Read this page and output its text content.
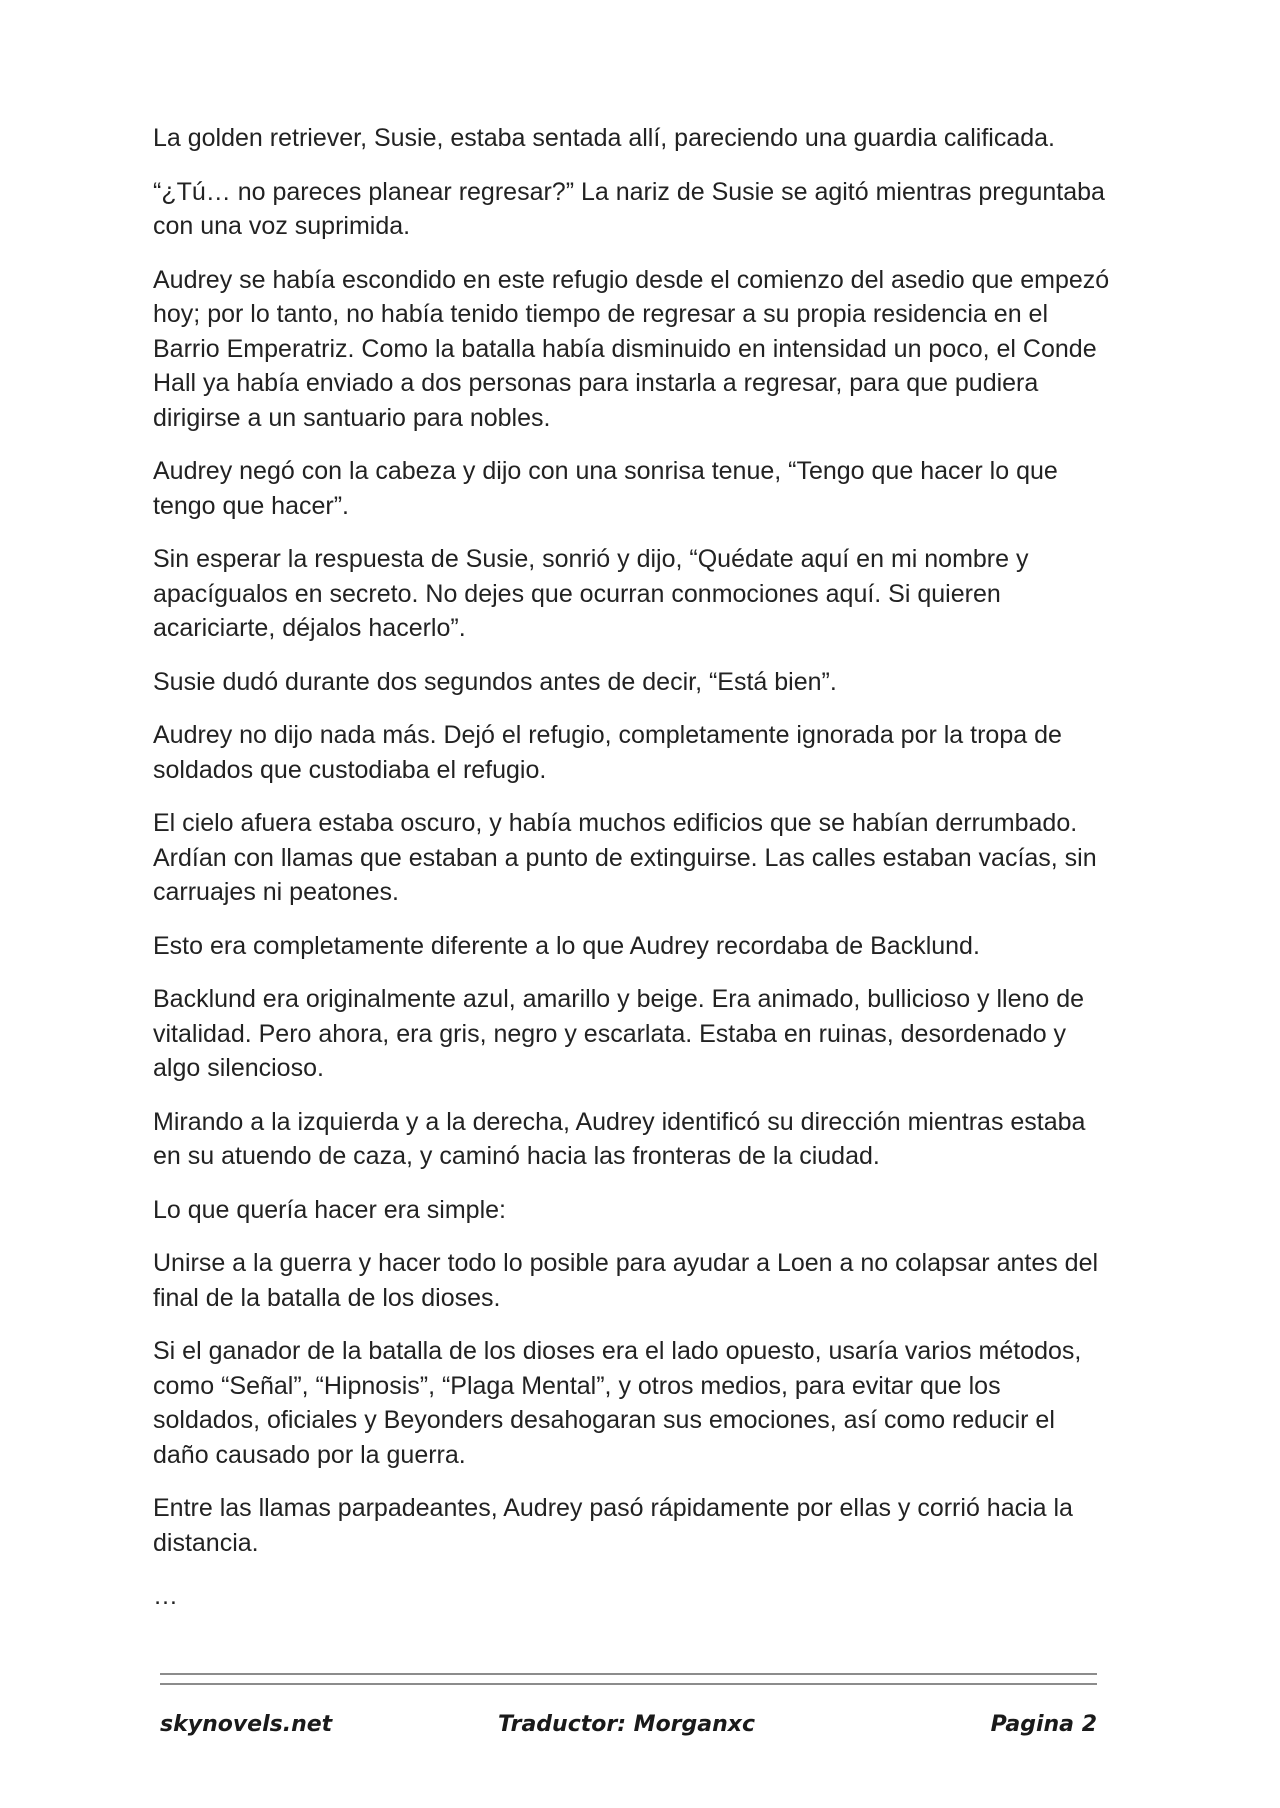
La golden retriever, Susie, estaba sentada allí, pareciendo una guardia calificada.

“¿Tú… no pareces planear regresar?” La nariz de Susie se agitó mientras preguntaba con una voz suprimida.

Audrey se había escondido en este refugio desde el comienzo del asedio que empezó hoy; por lo tanto, no había tenido tiempo de regresar a su propia residencia en el Barrio Emperatriz. Como la batalla había disminuido en intensidad un poco, el Conde Hall ya había enviado a dos personas para instarla a regresar, para que pudiera dirigirse a un santuario para nobles.

Audrey negó con la cabeza y dijo con una sonrisa tenue, “Tengo que hacer lo que tengo que hacer”.

Sin esperar la respuesta de Susie, sonrió y dijo, “Quédate aquí en mi nombre y apacígualos en secreto. No dejes que ocurran conmociones aquí. Si quieren acariciarte, déjalos hacerlo”.

Susie dudó durante dos segundos antes de decir, “Está bien”.

Audrey no dijo nada más. Dejó el refugio, completamente ignorada por la tropa de soldados que custodiaba el refugio.

El cielo afuera estaba oscuro, y había muchos edificios que se habían derrumbado. Ardían con llamas que estaban a punto de extinguirse. Las calles estaban vacías, sin carruajes ni peatones.

Esto era completamente diferente a lo que Audrey recordaba de Backlund.

Backlund era originalmente azul, amarillo y beige. Era animado, bullicioso y lleno de vitalidad. Pero ahora, era gris, negro y escarlata. Estaba en ruinas, desordenado y algo silencioso.

Mirando a la izquierda y a la derecha, Audrey identificó su dirección mientras estaba en su atuendo de caza, y caminó hacia las fronteras de la ciudad.

Lo que quería hacer era simple:

Unirse a la guerra y hacer todo lo posible para ayudar a Loen a no colapsar antes del final de la batalla de los dioses.

Si el ganador de la batalla de los dioses era el lado opuesto, usaría varios métodos, como “Señal”, “Hipnosis”, “Plaga Mental”, y otros medios, para evitar que los soldados, oficiales y Beyonders desahogaran sus emociones, así como reducir el daño causado por la guerra.

Entre las llamas parpadeantes, Audrey pasó rápidamente por ellas y corrió hacia la distancia.

…

skynovels.net	Traductor: Morganxc	Pagina 2
